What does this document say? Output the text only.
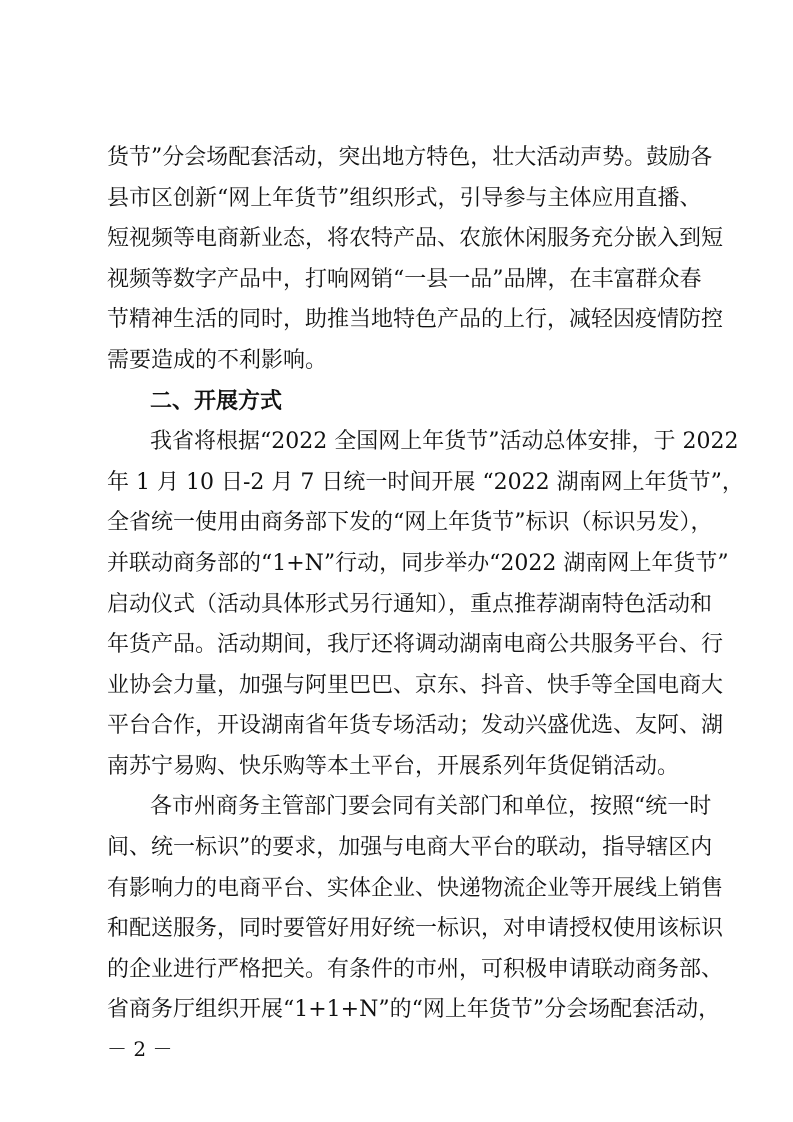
货节”分会场配套活动，突出地方特色，壮大活动声势。鼓励各
县市区创新“网上年货节”组织形式，引导参与主体应用直播、
短视频等电商新业态，将农特产品、农旅休闲服务充分嵌入到短
视频等数字产品中，打响网销“一县一品”品牌，在丰富群众春
节精神生活的同时，助推当地特色产品的上行，减轻因疫情防控
需要造成的不利影响。
二、开展方式
我省将根据“2022 全国网上年货节”活动总体安排，于 2022
年 1 月 10 日-2 月 7 日统一时间开展 “2022 湖南网上年货节”，
全省统一使用由商务部下发的“网上年货节”标识（标识另发），
并联动商务部的“1+N”行动，同步举办“2022 湖南网上年货节”
启动仪式（活动具体形式另行通知），重点推荐湖南特色活动和
年货产品。活动期间，我厅还将调动湖南电商公共服务平台、行
业协会力量，加强与阿里巴巴、京东、抖音、快手等全国电商大
平台合作，开设湖南省年货专场活动；发动兴盛优选、友阿、湖
南苏宁易购、快乐购等本土平台，开展系列年货促销活动。
各市州商务主管部门要会同有关部门和单位，按照“统一时
间、统一标识”的要求，加强与电商大平台的联动，指导辖区内
有影响力的电商平台、实体企业、快递物流企业等开展线上销售
和配送服务，同时要管好用好统一标识，对申请授权使用该标识
的企业进行严格把关。有条件的市州，可积极申请联动商务部、
省商务厅组织开展“1+1+N”的“网上年货节”分会场配套活动，
－ 2 －
